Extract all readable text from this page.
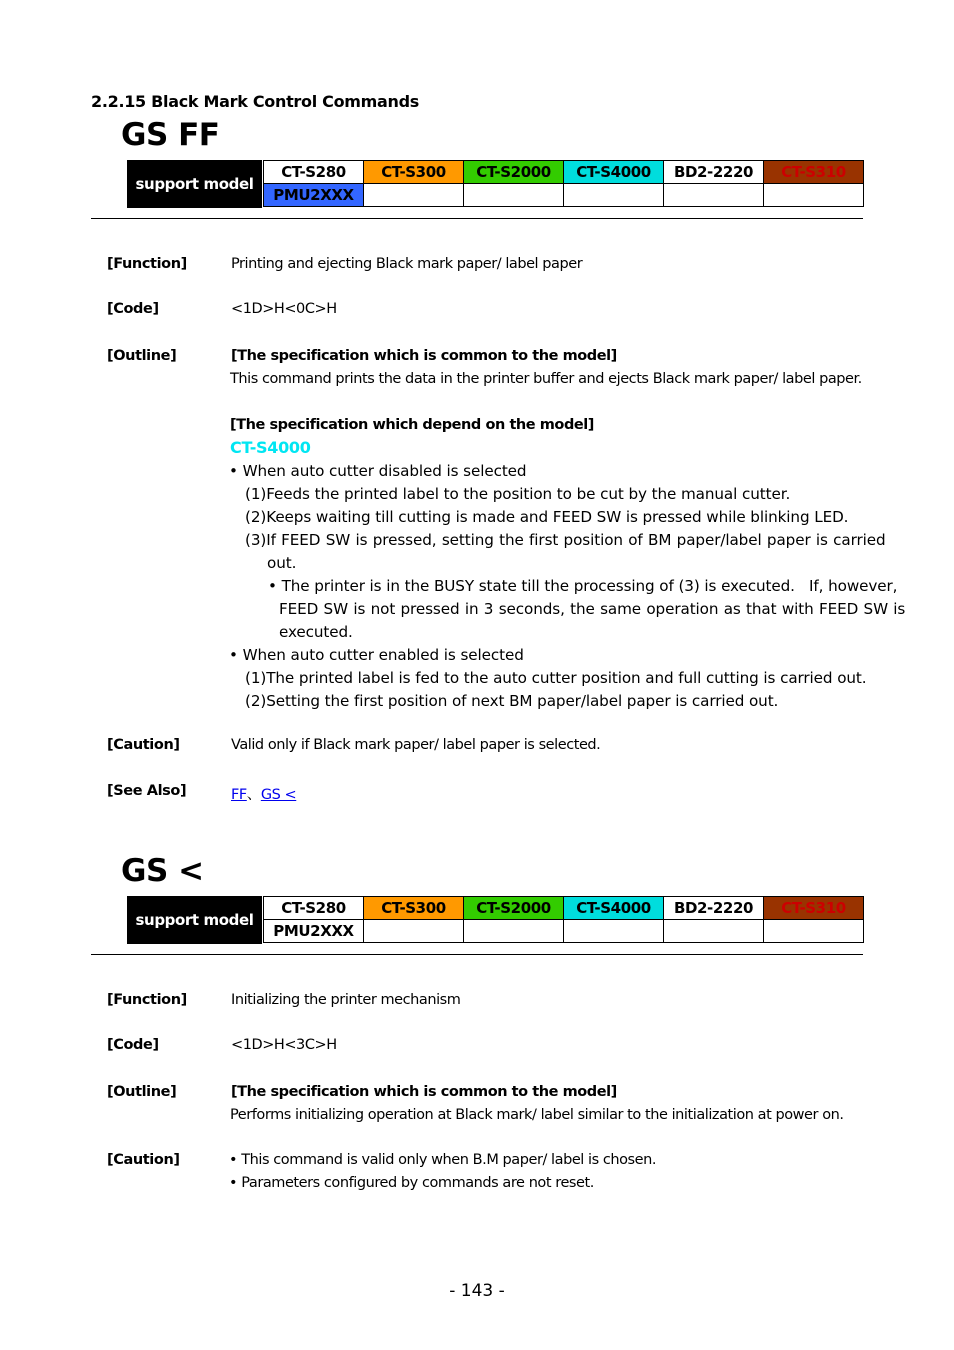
2.2.15 Black Mark Control Commands
GS FF
support model
CT-S280	CT-S300	CT-S2000	CT-S4000	BD2-2220	CT-S310
PMU2XXX
[Function]	Printing and ejecting Black mark paper/ label paper
[Code]	<1D>H<0C>H
[Outline]	[The specification which is common to the model]
This command prints the data in the printer buffer and ejects Black mark paper/ label paper.
[The specification which depend on the model]
CT-S4000
• When auto cutter disabled is selected
(1)Feeds the printed label to the position to be cut by the manual cutter.
(2)Keeps waiting till cutting is made and FEED SW is pressed while blinking LED.
(3)If FEED SW is pressed, setting the first position of BM paper/label paper is carried
out.
• The printer is in the BUSY state till the processing of (3) is executed.   If, however,
FEED SW is not pressed in 3 seconds, the same operation as that with FEED SW is
executed.
• When auto cutter enabled is selected
(1)The printed label is fed to the auto cutter position and full cutting is carried out.
(2)Setting the first position of next BM paper/label paper is carried out.
[Caution]	Valid only if Black mark paper/ label paper is selected.
[See Also]	FF、GS <
GS <
support model
CT-S280	CT-S300	CT-S2000	CT-S4000	BD2-2220	CT-S310
PMU2XXX
[Function]	Initializing the printer mechanism
[Code]	<1D>H<3C>H
[Outline]	[The specification which is common to the model]
Performs initializing operation at Black mark/ label similar to the initialization at power on.
[Caution]	• This command is valid only when B.M paper/ label is chosen.
• Parameters configured by commands are not reset.
- 143 -
